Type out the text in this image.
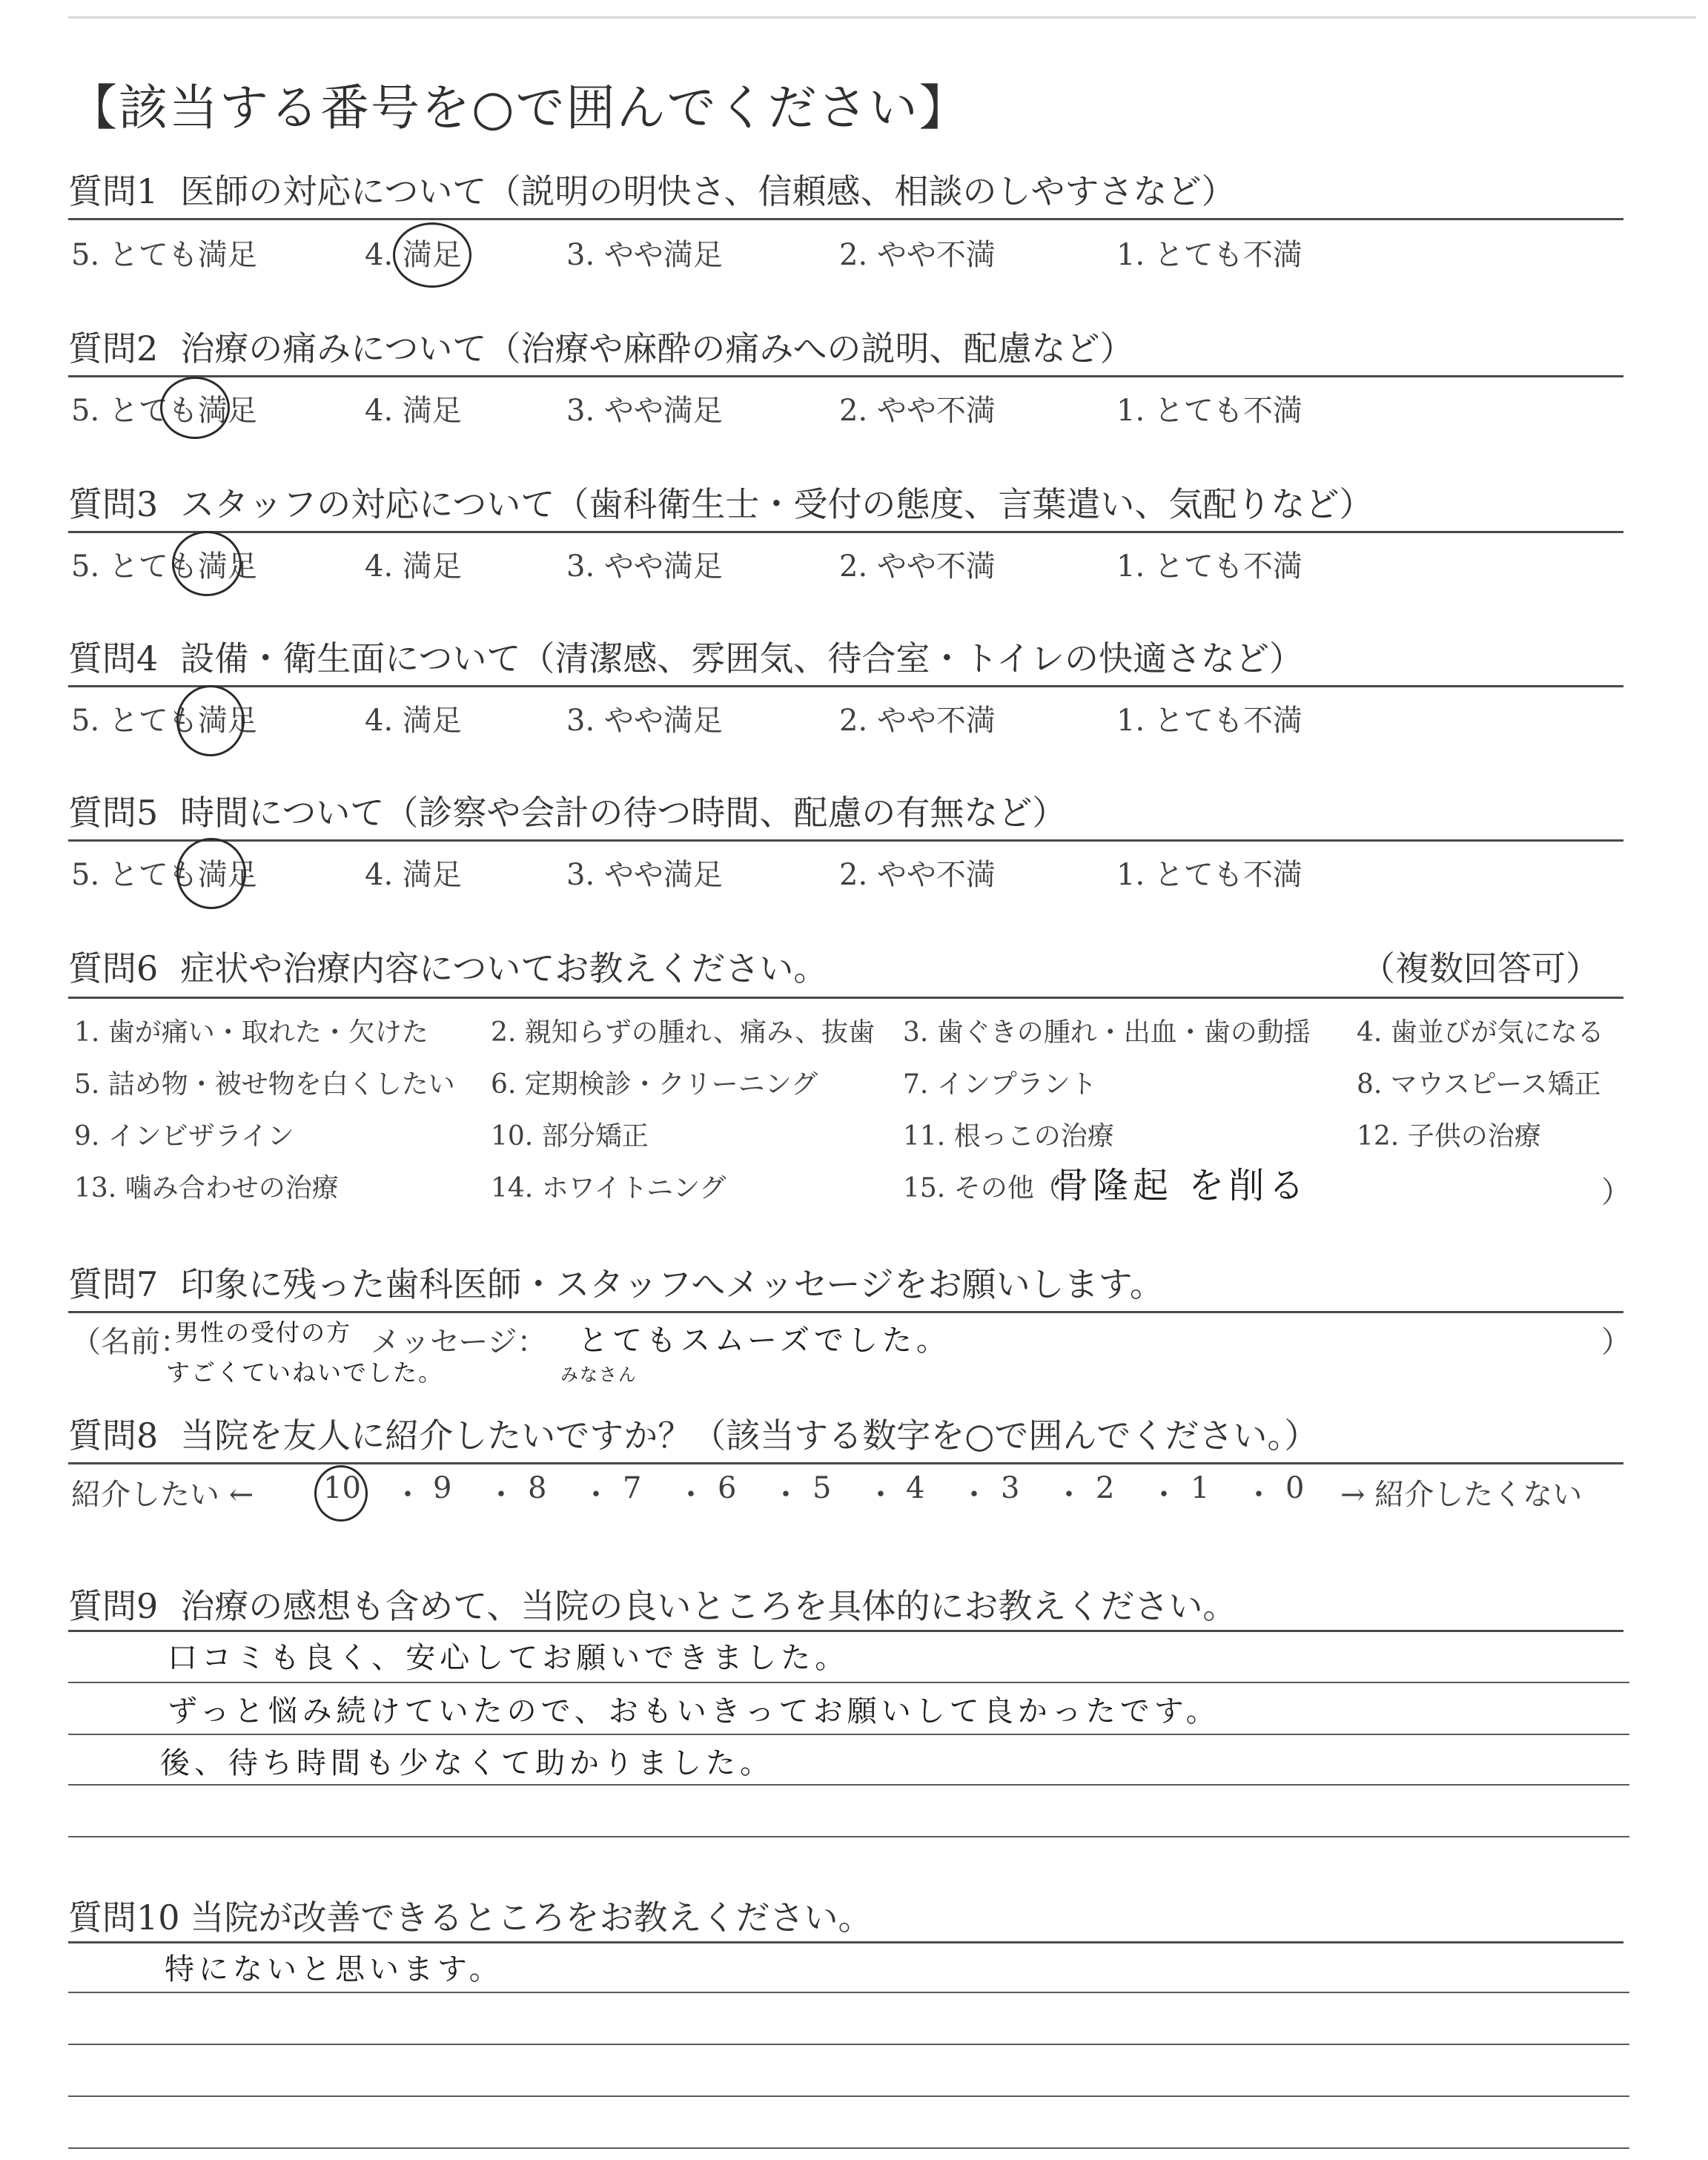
【該当する番号を○で囲んでください】
質問1 医師の対応について（説明の明快さ、信頼感、相談のしやすさなど）
5. とても満足	4. 満足	3. やや満足	2. やや不満	1. とても不満
質問2 治療の痛みについて（治療や麻酔の痛みへの説明、配慮など）
5. とても満足	4. 満足	3. やや満足	2. やや不満	1. とても不満
質問3 スタッフの対応について（歯科衛生士・受付の態度、言葉遣い、気配りなど）
5. とても満足	4. 満足	3. やや満足	2. やや不満	1. とても不満
質問4 設備・衛生面について（清潔感、雰囲気、待合室・トイレの快適さなど）
5. とても満足	4. 満足	3. やや満足	2. やや不満	1. とても不満
質問5 時間について（診察や会計の待つ時間、配慮の有無など）
5. とても満足	4. 満足	3. やや満足	2. やや不満	1. とても不満
質問6 症状や治療内容についてお教えください。	（複数回答可）
1. 歯が痛い・取れた・欠けた 2. 親知らずの腫れ、痛み、抜歯 3. 歯ぐきの腫れ・出血・歯の動揺 4. 歯並びが気になる
5. 詰め物・被せ物を白くしたい 6. 定期検診・クリーニング	7. インプラント	8. マウスピース矯正
9. インビザライン	10. 部分矯正	11. 根っこの治療	12. 子供の治療
13. 噛み合わせの治療	14. ホワイトニング	15. その他（
骨隆起 を削る	）
質問7 印象に残った歯科医師・スタッフへメッセージをお願いします。
（名前：
男性の受付の方 メッセージ：
すごくていねいでした。
とてもスムーズでした。
みなさん
）
質問8 当院を友人に紹介したいですか？（該当する数字を○で囲んでください。）
紹介したい ← 10 ・ 9 ・ 8 ・ 7 ・ 6 ・ 5 ・ 4 ・ 3 ・ 2 ・ 1 ・ 0 → 紹介したくない
質問9 治療の感想も含めて、当院の良いところを具体的にお教えください。
口コミも良く、安心してお願いできました。
ずっと悩み続けていたので、おもいきってお願いして良かったです。
後、待ち時間も少なくて助かりました。
質問10 当院が改善できるところをお教えください。
特にないと思います。
